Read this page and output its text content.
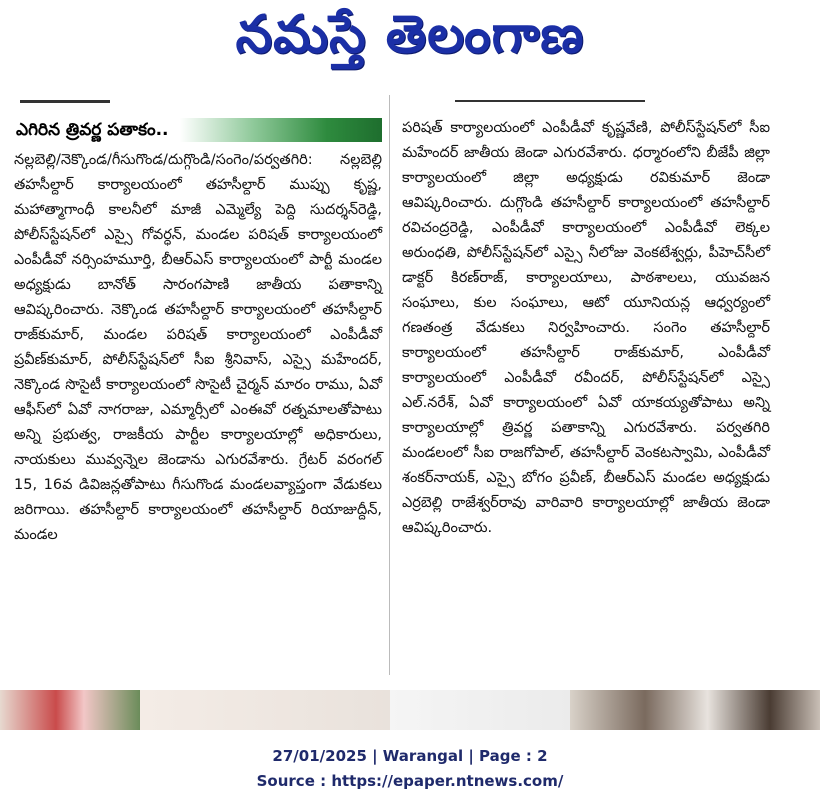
నమస్తే తెలంగాణ
ఎగిరిన త్రివర్ణ పతాకం..

నల్లబెల్లి/నెక్కొండ/గీసుగొండ/దుగ్గొండి/సంగెం/పర్వతగిరి: నల్లబెల్లి తహసీల్దార్ కార్యాలయంలో తహసీల్దార్ ముప్పు కృష్ణ, మహాత్మాగాంధీ కాలనీలో మాజీ ఎమ్మెల్యే పెద్ది సుదర్శన్‌రెడ్డి, పోలీస్‌స్టేషన్‌లో ఎస్సై గోవర్ధన్, మండల పరిషత్ కార్యాలయంలో ఎంపీడీవో నర్సింహమూర్తి, బీఆర్‌ఎస్ కార్యాలయంలో పార్టీ మండల అధ్యక్షుడు బానోత్ సారంగపాణి జాతీయ పతాకాన్ని ఆవిష్కరించారు. నెక్కొండ తహసీల్దార్ కార్యాలయంలో తహసీల్దార్ రాజ్‌కుమార్, మండల పరిషత్ కార్యాలయంలో ఎంపీడీవో ప్రవీణ్‌కుమార్, పోలీస్‌స్టేషన్‌లో సీఐ శ్రీనివాస్, ఎస్సై మహేందర్, నెక్కొండ సొసైటీ కార్యాలయంలో సొసైటీ చైర్మన్ మారం రాము, ఏవో ఆఫీస్‌లో ఏవో నాగరాజు, ఎమ్మార్సీలో ఎంఈవో రత్నమాలతోపాటు అన్ని ప్రభుత్వ, రాజకీయ పార్టీల కార్యాలయాల్లో అధికారులు, నాయకులు మువ్వన్నెల జెండాను ఎగురవేశారు. గ్రేటర్ వరంగల్ 15, 16వ డివిజన్లతోపాటు గీసుగొండ మండలవ్యాప్తంగా వేడుకలు జరిగాయి. తహసీల్దార్ కార్యాలయంలో తహసీల్దార్ రియాజుద్దీన్, మండల

పరిషత్ కార్యాలయంలో ఎంపీడీవో కృష్ణవేణి, పోలీస్‌స్టేషన్‌లో సీఐ మహేందర్ జాతీయ జెండా ఎగురవేశారు. ధర్మారంలోని బీజేపీ జిల్లా కార్యాలయంలో జిల్లా అధ్యక్షుడు రవికుమార్ జెండా ఆవిష్కరించారు. దుగ్గొండి తహసీల్దార్ కార్యాలయంలో తహసీల్దార్ రవిచంద్రరెడ్డి, ఎంపీడీవో కార్యాలయంలో ఎంపీడీవో లెక్కల అరుంధతి, పోలీస్‌స్టేషన్‌లో ఎస్సై నీలోజు వెంకటేశ్వర్లు, పీహెచ్‌సీలో డాక్టర్ కిరణ్‌రాజ్, కార్యాలయాలు, పాఠశాలలు, యువజన సంఘాలు, కుల సంఘాలు, ఆటో యూనియన్ల ఆధ్వర్యంలో గణతంత్ర వేడుకలు నిర్వహించారు. సంగెం తహసీల్దార్ కార్యాలయంలో తహసీల్దార్ రాజ్‌కుమార్, ఎంపీడీవో కార్యాలయంలో ఎంపీడీవో రవీందర్, పోలీస్‌స్టేషన్‌లో ఎస్సై ఎల్.నరేశ్, ఏవో కార్యాలయంలో ఏవో యాకయ్యతోపాటు అన్ని కార్యాలయాల్లో త్రివర్ణ పతాకాన్ని ఎగురవేశారు. పర్వతగిరి మండలంలో సీఐ రాజగోపాల్, తహసీల్దార్ వెంకటస్వామి, ఎంపీడీవో శంకర్‌నాయక్, ఎస్సై బోగం ప్రవీణ్, బీఆర్‌ఎస్ మండల అధ్యక్షుడు ఎర్రబెల్లి రాజేశ్వర్‌రావు వారివారి కార్యాలయాల్లో జాతీయ జెండా ఆవిష్కరించారు.

27/01/2025 | Warangal | Page : 2
Source : https://epaper.ntnews.com/
